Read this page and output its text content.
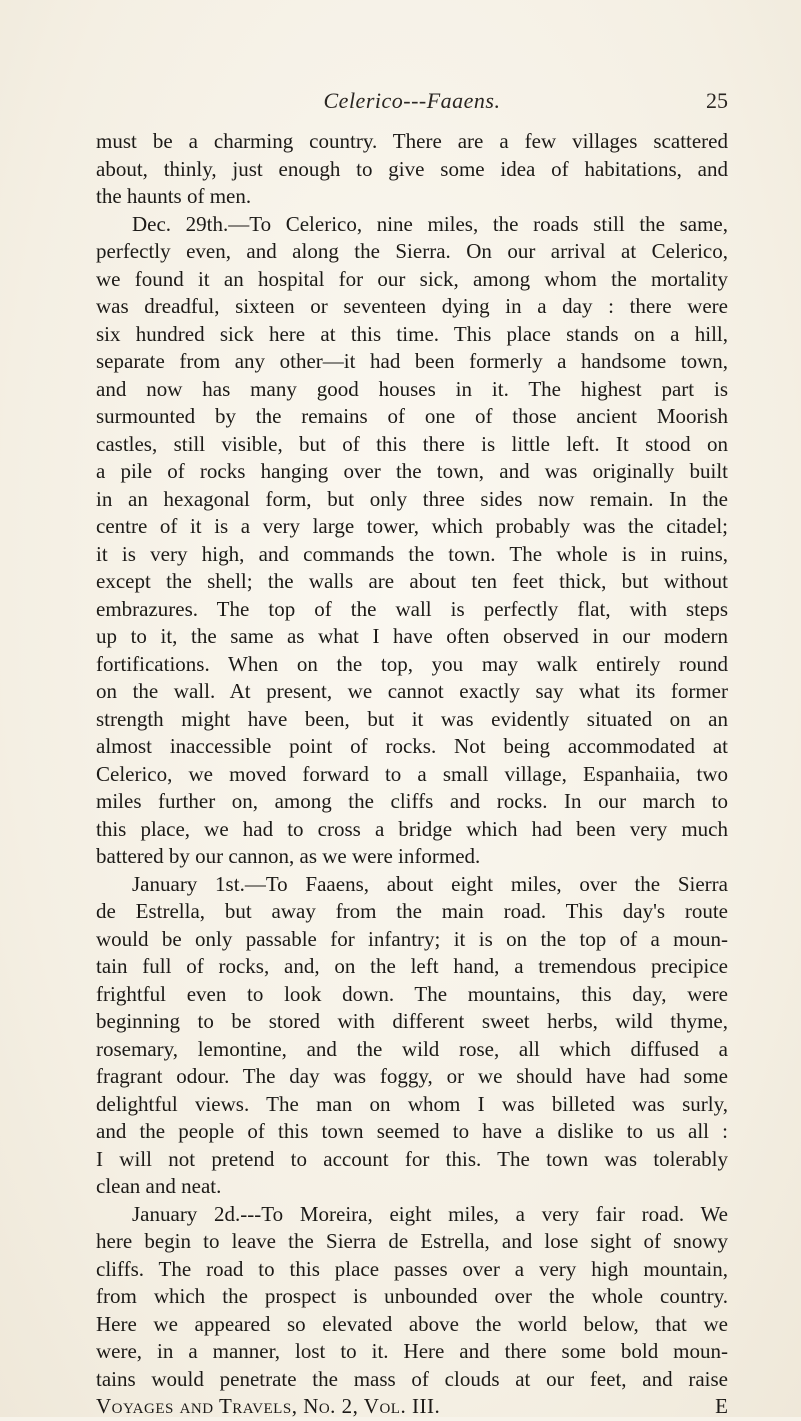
Celerico---Faaens.	25
must be a charming country. There are a few villages scattered
about, thinly, just enough to give some idea of habitations, and
the haunts of men.
Dec. 29th.—To Celerico, nine miles, the roads still the same,
perfectly even, and along the Sierra. On our arrival at Celerico,
we found it an hospital for our sick, among whom the mortality
was dreadful, sixteen or seventeen dying in a day : there were
six hundred sick here at this time. This place stands on a hill,
separate from any other—it had been formerly a handsome town,
and now has many good houses in it. The highest part is
surmounted by the remains of one of those ancient Moorish
castles, still visible, but of this there is little left. It stood on
a pile of rocks hanging over the town, and was originally built
in an hexagonal form, but only three sides now remain. In the
centre of it is a very large tower, which probably was the citadel;
it is very high, and commands the town. The whole is in ruins,
except the shell; the walls are about ten feet thick, but without
embrazures. The top of the wall is perfectly flat, with steps
up to it, the same as what I have often observed in our modern
fortifications. When on the top, you may walk entirely round
on the wall. At present, we cannot exactly say what its former
strength might have been, but it was evidently situated on an
almost inaccessible point of rocks. Not being accommodated at
Celerico, we moved forward to a small village, Espanhaiia, two
miles further on, among the cliffs and rocks. In our march to
this place, we had to cross a bridge which had been very much
battered by our cannon, as we were informed.
January 1st.—To Faaens, about eight miles, over the Sierra
de Estrella, but away from the main road. This day's route
would be only passable for infantry; it is on the top of a moun-
tain full of rocks, and, on the left hand, a tremendous precipice
frightful even to look down. The mountains, this day, were
beginning to be stored with different sweet herbs, wild thyme,
rosemary, lemontine, and the wild rose, all which diffused a
fragrant odour. The day was foggy, or we should have had some
delightful views. The man on whom I was billeted was surly,
and the people of this town seemed to have a dislike to us all :
I will not pretend to account for this. The town was tolerably
clean and neat.
January 2d.---To Moreira, eight miles, a very fair road. We
here begin to leave the Sierra de Estrella, and lose sight of snowy
cliffs. The road to this place passes over a very high mountain,
from which the prospect is unbounded over the whole country.
Here we appeared so elevated above the world below, that we
were, in a manner, lost to it. Here and there some bold moun-
tains would penetrate the mass of clouds at our feet, and raise
Voyages and Travels, No. 2, Vol. III.	E
